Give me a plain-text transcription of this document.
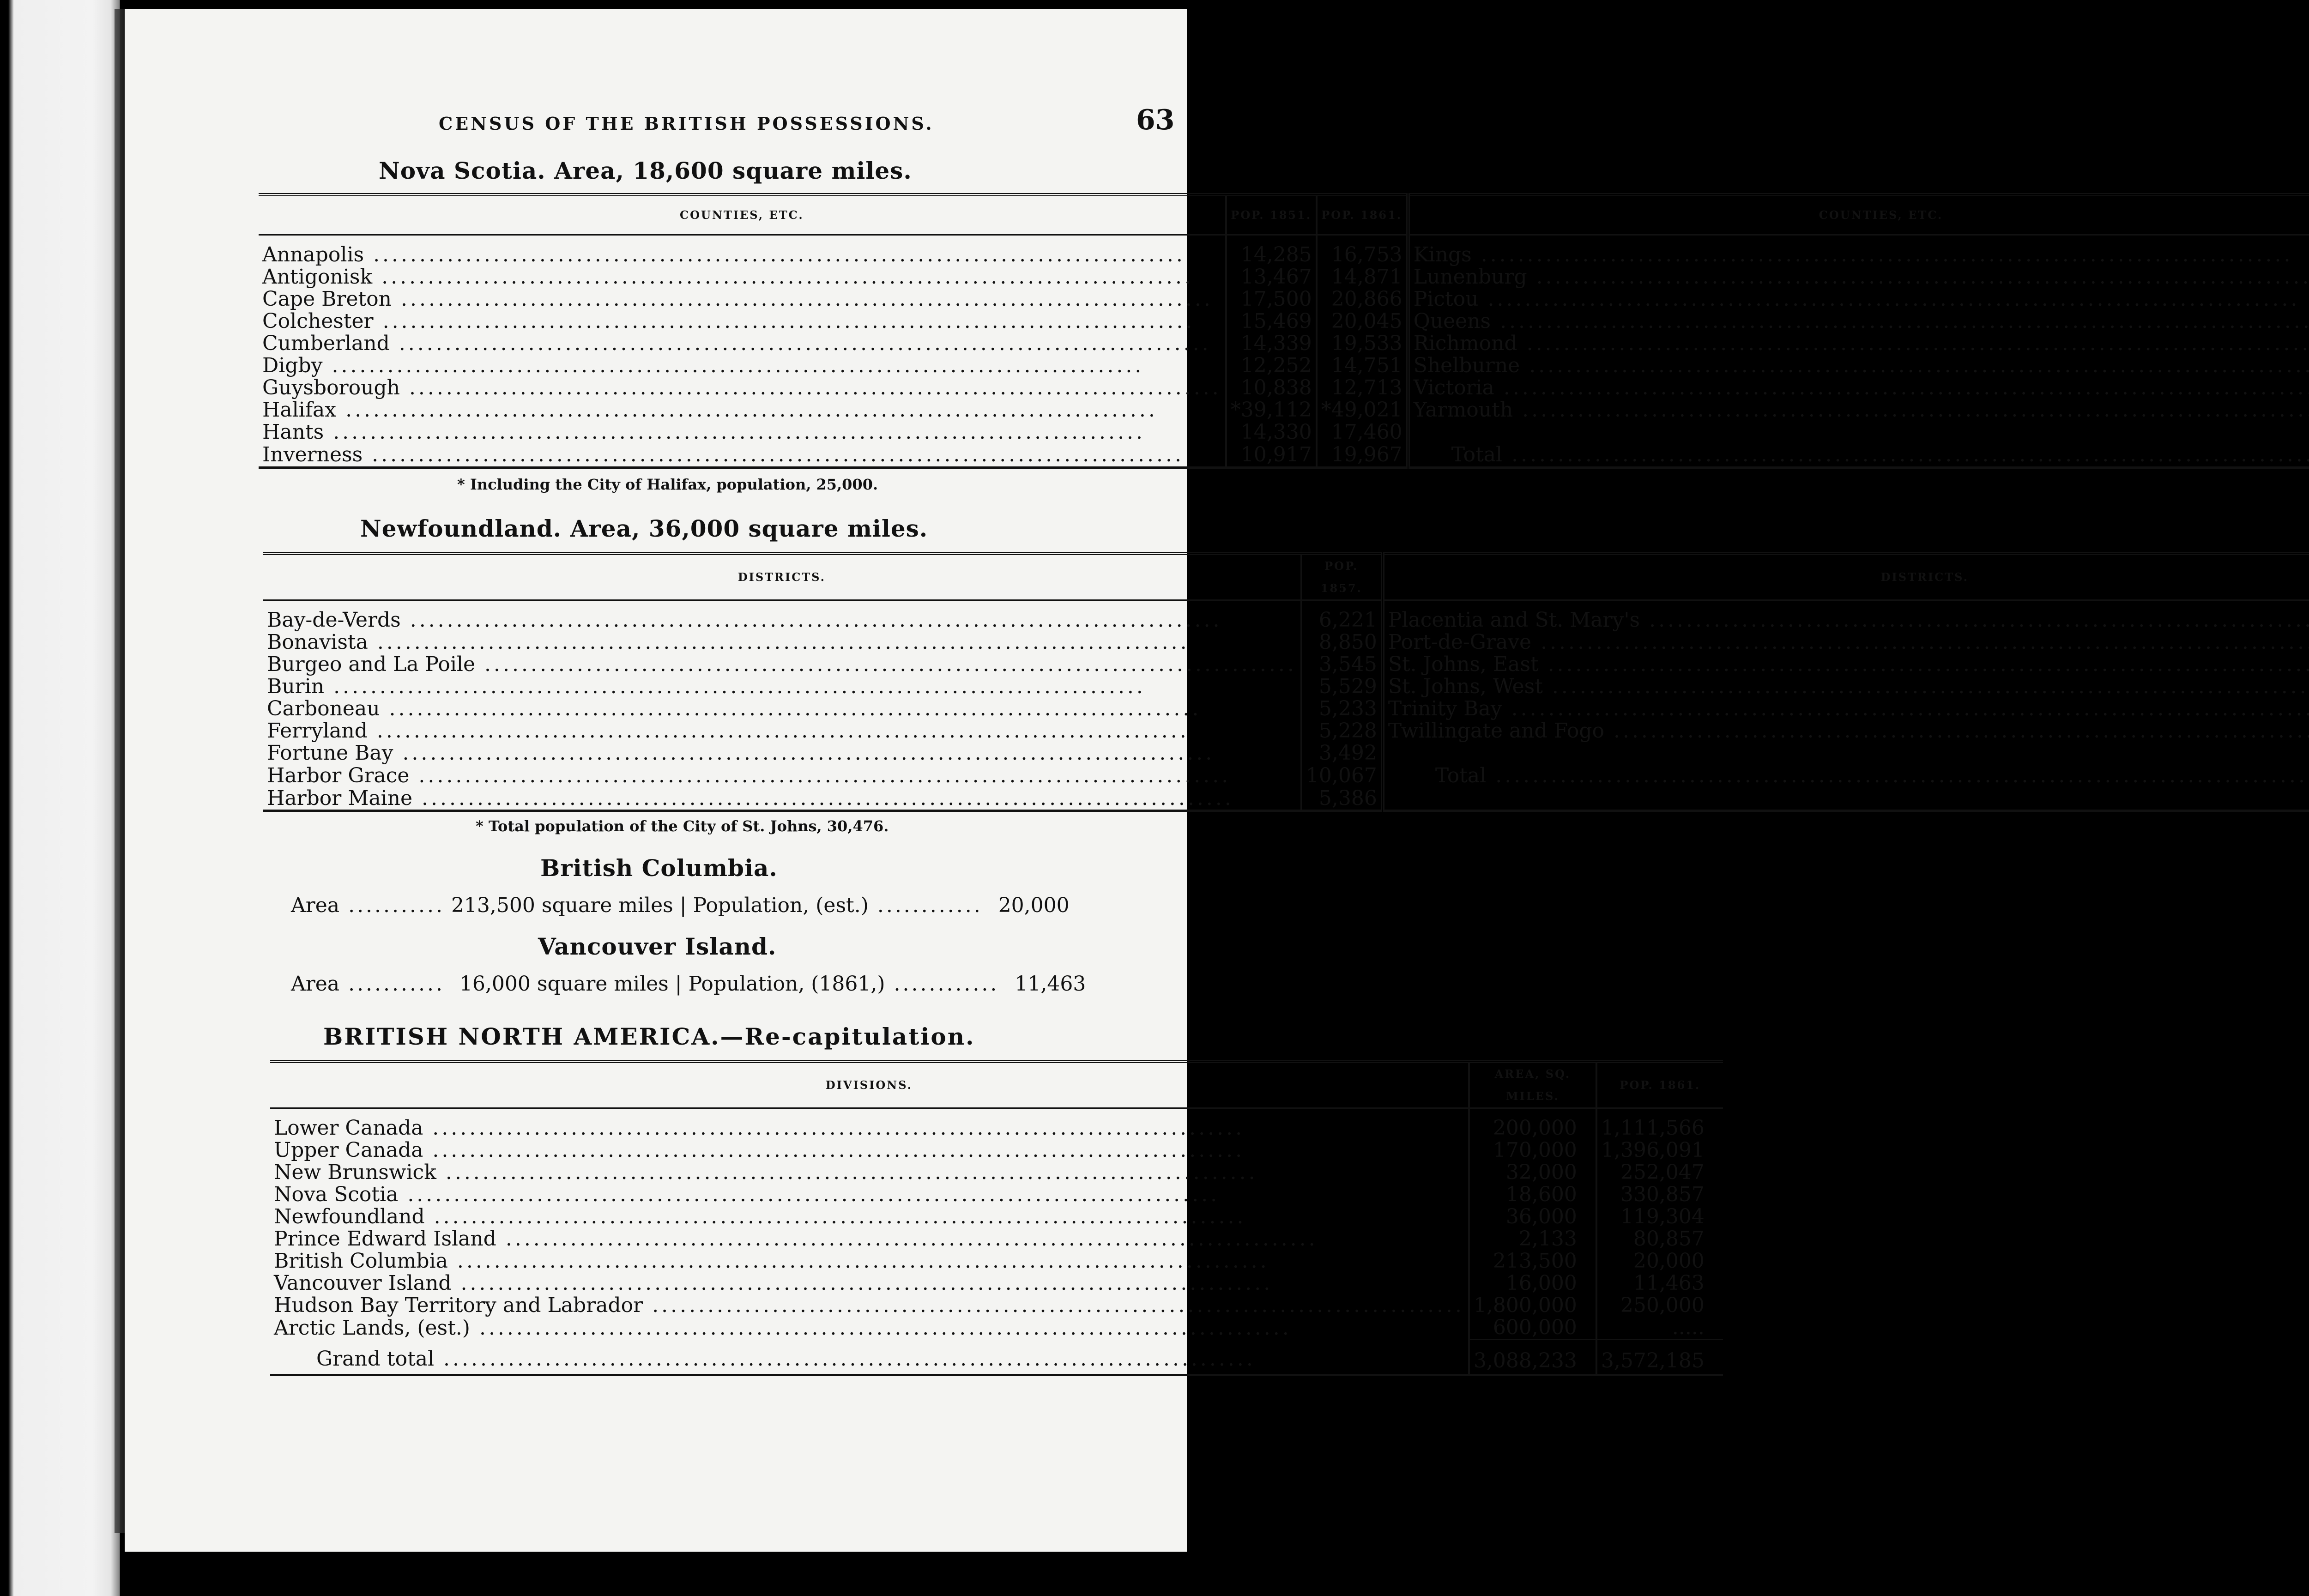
CENSUS OF THE BRITISH POSSESSIONS.	63
Nova Scotia. Area, 18,600 square miles.
COUNTIES, ETC.	POP. 1851.	POP. 1861.	COUNTIES, ETC.		

Annapolis .....	14,285	16,753	Kings .....		
Antigonisk .....	13,467	14,871	Lunenburg .....		
Cape Breton .....	17,500	20,866	Pictou .....		
Colchester .....	15,469	20,045	Queens .....		
Cumberland .....	14,339	19,533	Richmond .....		
Digby .....	12,252	14,751	Shelburne .....		
Guysborough .....	10,838	12,713	Victoria .....		
Halifax .....	*39,112	*49,021	Yarmouth .....		
Hants .....	14,330	17,460			
Inverness .....	10,917	19,967	Total .....		
* Including the City of Halifax, population, 25,000.
Newfoundland. Area, 36,000 square miles.
DISTRICTS.	POP. 1857.	DISTRICTS.	

Bay-de-Verds .....	6,221	Placentia and St. Mary's .....	
Bonavista .....	8,850	Port-de-Grave .....	
Burgeo and La Poile .....	3,545	St. Johns, East .....	
Burin .....	5,529	St. Johns, West .....	
Carboneau .....	5,233	Trinity Bay .....	
Ferryland .....	5,228	Twillingate and Fogo .....	
Fortune Bay .....	3,492		
Harbor Grace .....	10,067	Total .....	
Harbor Maine .....	5,386		
* Total population of the City of St. Johns, 30,476.
British Columbia.
Area .....	213,500 square miles | Population, (est.) .....	20,000
Vancouver Island.
Area .....	16,000 square miles | Population, (1861,) .....	11,463
BRITISH NORTH AMERICA.—Re-capitulation.
DIVISIONS.	AREA, SQ. MILES.	POP. 1861.

Lower Canada .....	200,000	1,111,566
Upper Canada .....	170,000	1,396,091
New Brunswick .....	32,000	252,047
Nova Scotia .....	18,600	330,857
Newfoundland .....	36,000	119,304
Prince Edward Island .....	2,133	80,857
British Columbia .....	213,500	20,000
Vancouver Island .....	16,000	11,463
Hudson Bay Territory and Labrador .....	1,800,000	250,000
Arctic Lands, (est.) .....	600,000	.....
Grand total .....	3,088,233	3,572,185
